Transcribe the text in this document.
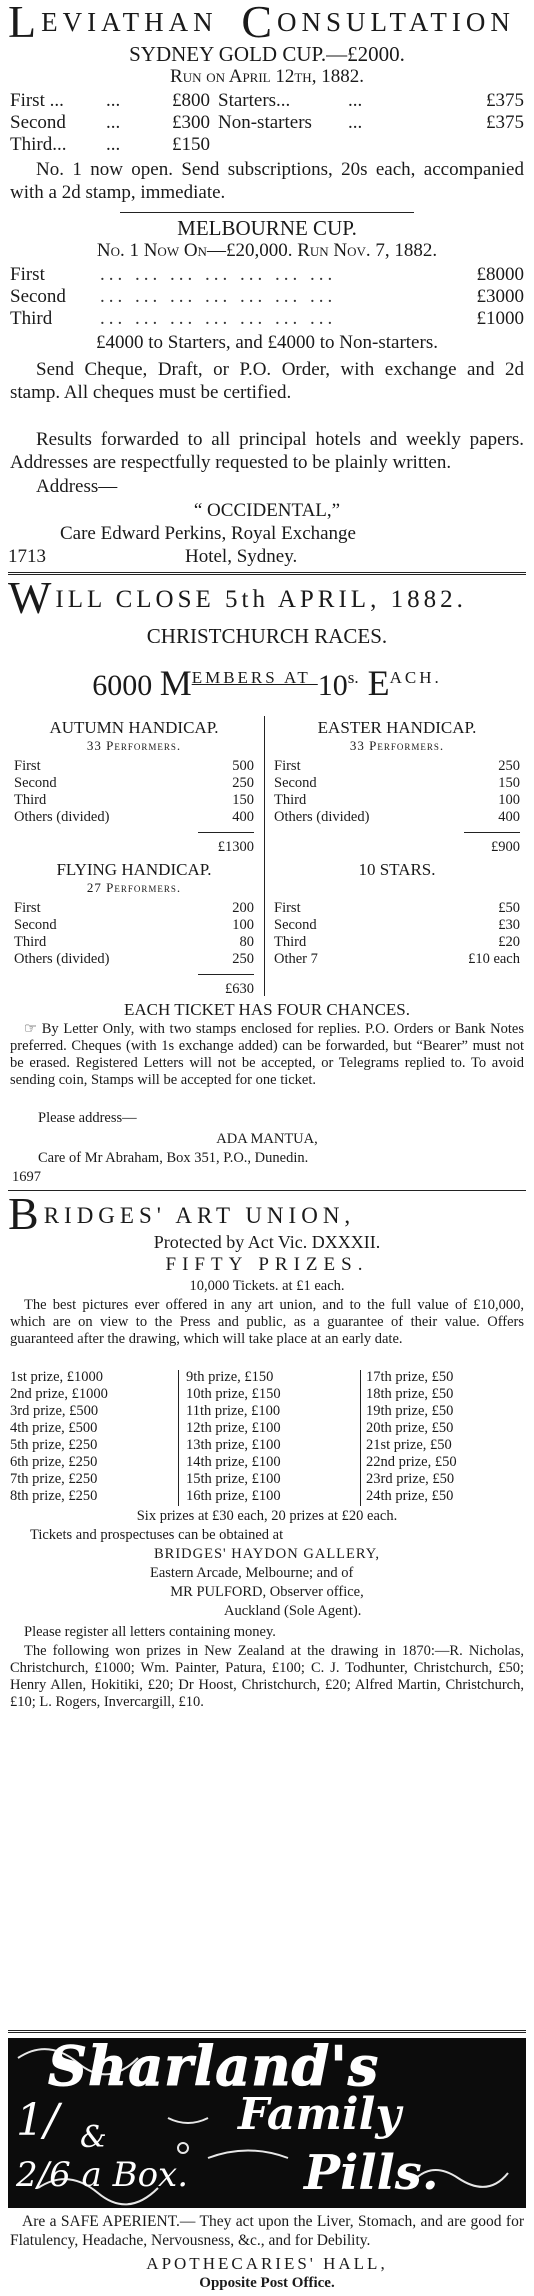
LEVIATHAN CONSULTATION
SYDNEY GOLD CUP.—£2000.
Run on April 12th, 1882.
First ...	...	£800 Starters...	...	£375
Second	...	£300 Non-starters	...	£375
Third...	...	£150
No. 1 now open. Send subscriptions, 20s each, accompanied with a 2d stamp, immediate.
MELBOURNE CUP.
No. 1 Now On—£20,000. Run Nov. 7, 1882.
First	... ... ... ... ... ... ...	£8000
Second	... ... ... ... ... ... ...	£3000
Third	... ... ... ... ... ... ...	£1000
£4000 to Starters, and £4000 to Non-starters.
Send Cheque, Draft, or P.O. Order, with exchange and 2d stamp. All cheques must be certified.
Results forwarded to all principal hotels and weekly papers. Addresses are respectfully requested to be plainly written.
Address—
“ OCCIDENTAL,”
Care Edward Perkins, Royal Exchange
1713	Hotel, Sydney.
WILL CLOSE 5th APRIL, 1882.
CHRISTCHURCH RACES.
6000 $M^{EMBERS AT}$ $10^{s.}$ $E^{ACH.}$
AUTUMN HANDICAP.
33 Performers.
First	500
Second	250
Third	150
Others (divided)	400
£1300
EASTER HANDICAP.
33 Performers.
First	250
Second	150
Third	100
Others (divided)	400
£900
FLYING HANDICAP.
27 Performers.
First	200
Second	100
Third	80
Others (divided)	250
£630
10 STARS.
First	£50
Second	£30
Third	£20
Other 7	£10 each
EACH TICKET HAS FOUR CHANCES.
☞ By Letter Only, with two stamps enclosed for replies. P.O. Orders or Bank Notes preferred. Cheques (with 1s exchange added) can be forwarded, but “Bearer” must not be erased. Registered Letters will not be accepted, or Telegrams replied to. To avoid sending coin, Stamps will be accepted for one ticket.
Please address—
ADA MANTUA,
Care of Mr Abraham, Box 351, P.O., Dunedin.
1697
BRIDGES' ART UNION,
Protected by Act Vic. DXXXII.
FIFTY PRIZES.
10,000 Tickets. at £1 each.
The best pictures ever offered in any art union, and to the full value of £10,000, which are on view to the Press and public, as a guarantee of their value. Offers guaranteed after the drawing, which will take place at an early date.
1st prize, £1000
2nd prize, £1000
3rd prize, £500
4th prize, £500
5th prize, £250
6th prize, £250
7th prize, £250
8th prize, £250
9th prize, £150
10th prize, £150
11th prize, £100
12th prize, £100
13th prize, £100
14th prize, £100
15th prize, £100
16th prize, £100
17th prize, £50
18th prize, £50
19th prize, £50
20th prize, £50
21st prize, £50
22nd prize, £50
23rd prize, £50
24th prize, £50
Six prizes at £30 each, 20 prizes at £20 each.
Tickets and prospectuses can be obtained at
BRIDGES' HAYDON GALLERY,
Eastern Arcade, Melbourne; and of
MR PULFORD, Observer office,
Auckland (Sole Agent).
Please register all letters containing money.
The following won prizes in New Zealand at the drawing in 1870:—R. Nicholas, Christchurch, £1000; Wm. Painter, Patura, £100; C. J. Todhunter, Christchurch, £50; Henry Allen, Hokitiki, £20; Dr Hoost, Christchurch, £20; Alfred Martin, Christchurch, £10; L. Rogers, Invercargill, £10.
Sharland's
Family
Pills.
1/ &
2/6 a Box.
Are a SAFE APERIENT.— They act upon the Liver, Stomach, and are good for Flatulency, Headache, Nervousness, &c., and for Debility.
APOTHECARIES' HALL,
Opposite Post Office.
